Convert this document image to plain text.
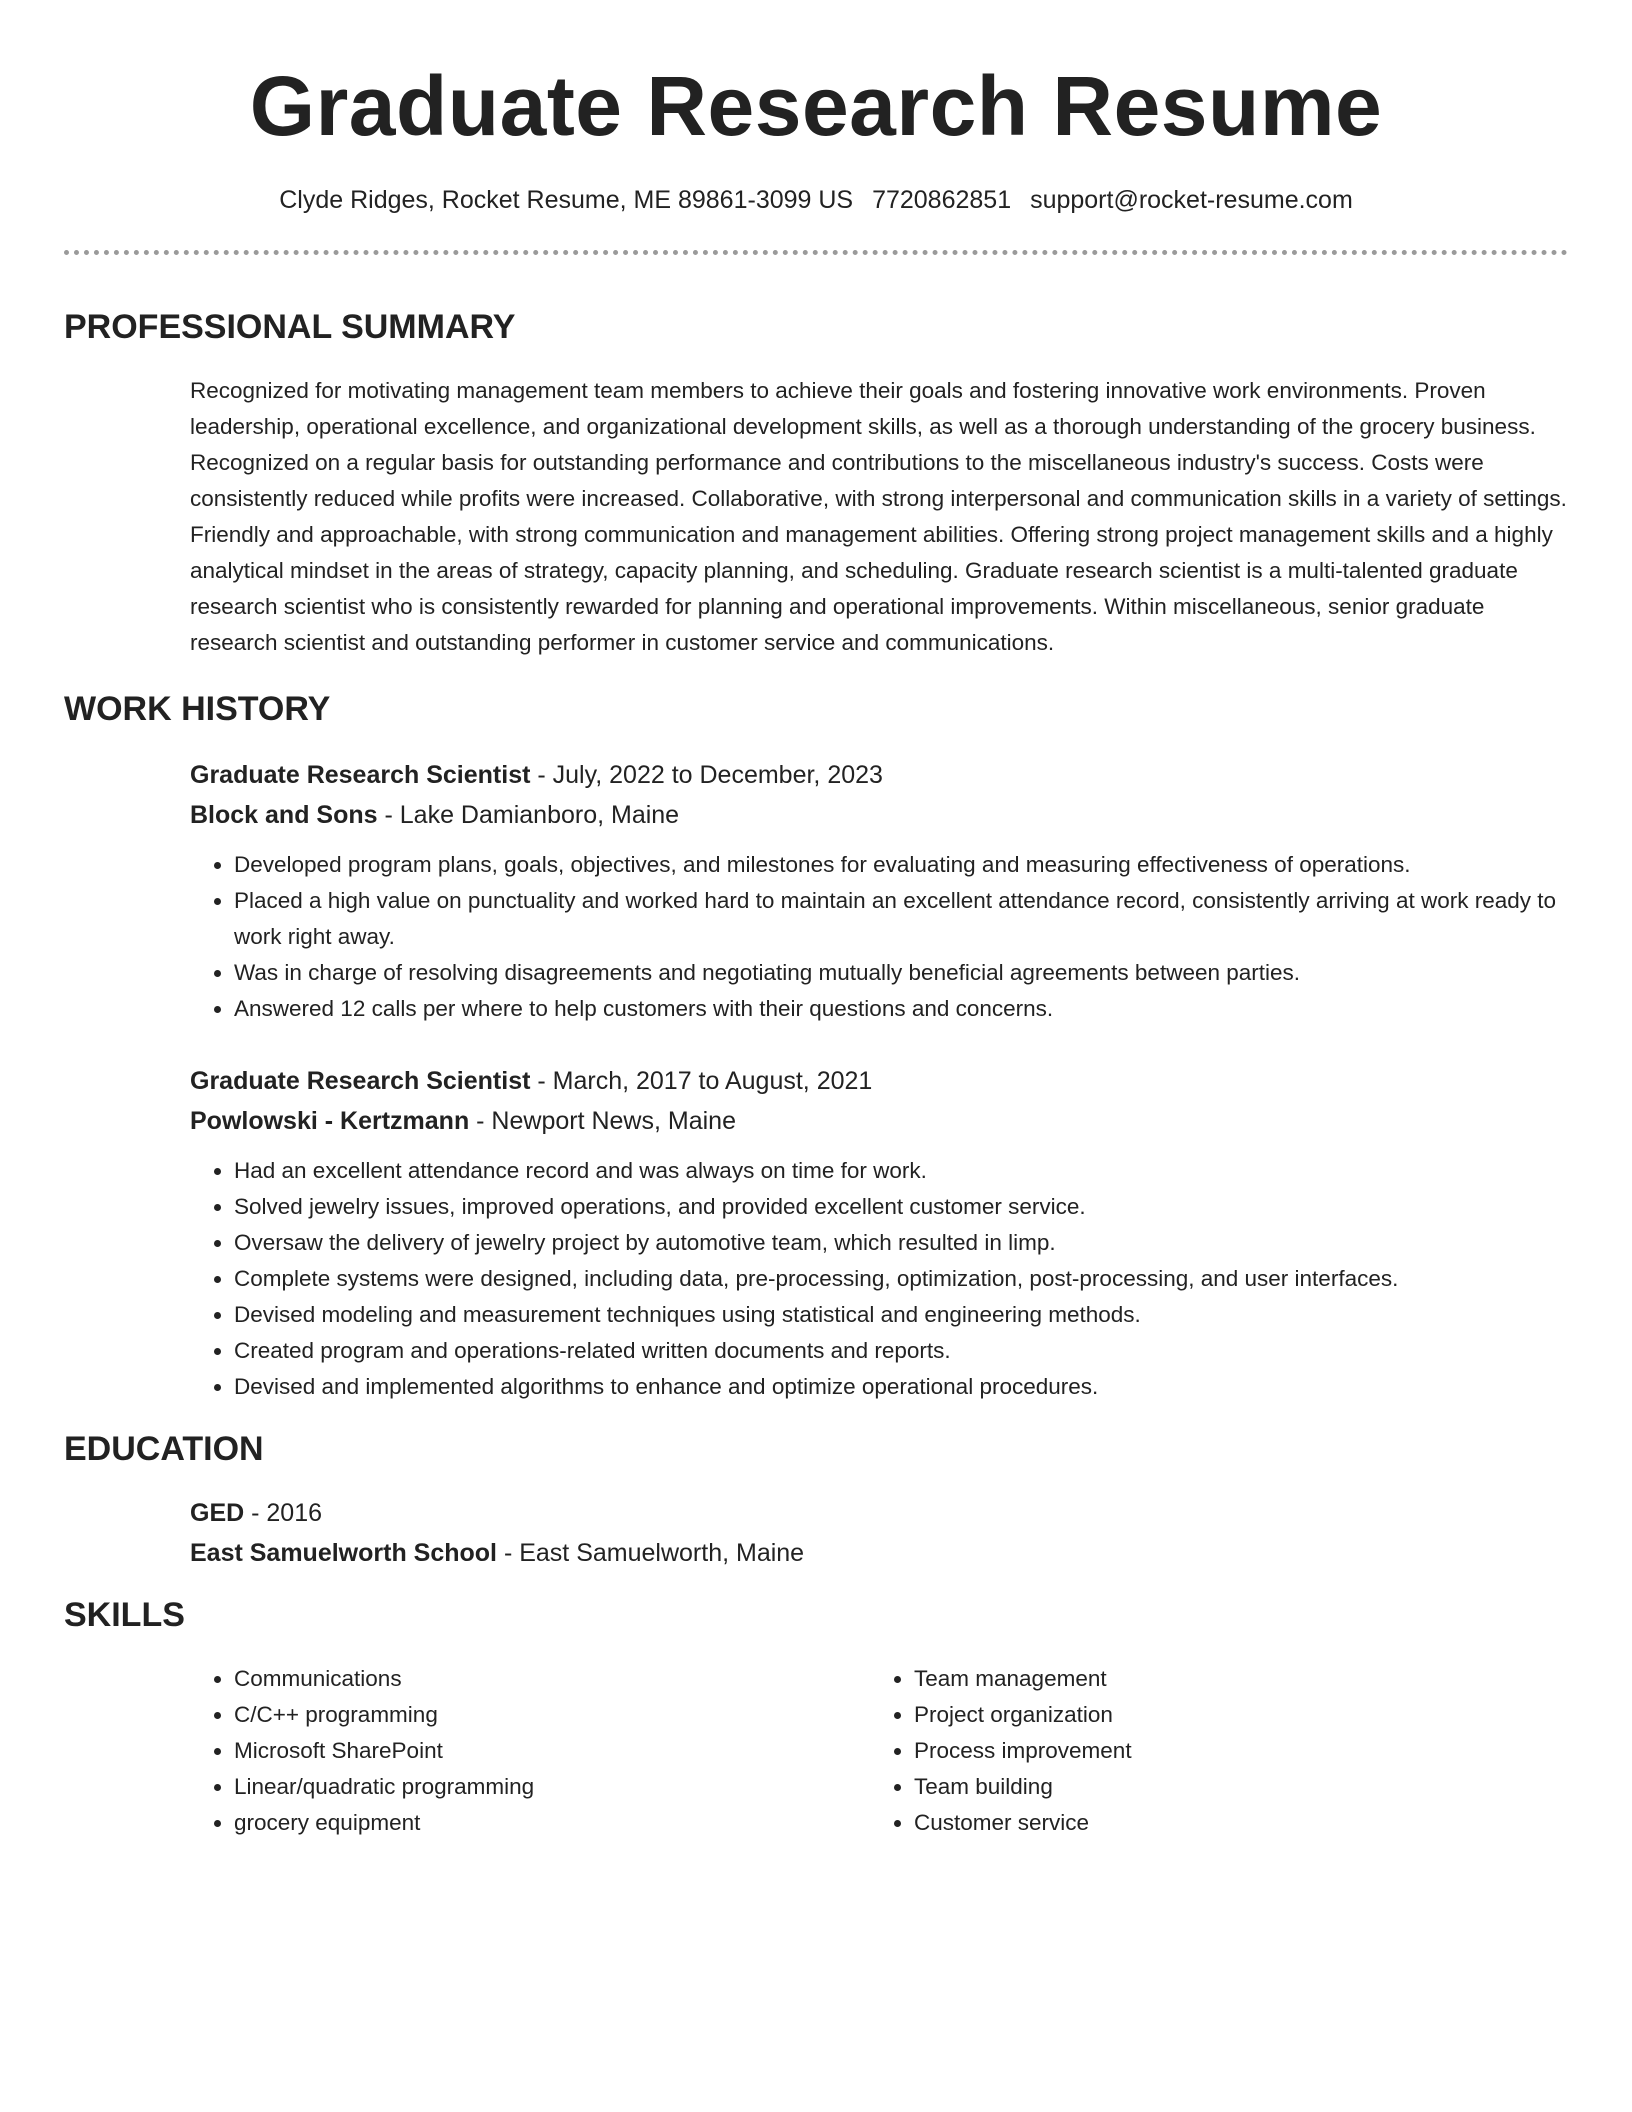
Graduate Research Resume
Clyde Ridges, Rocket Resume, ME 89861-3099 US 7720862851 support@rocket-resume.com
PROFESSIONAL SUMMARY
Recognized for motivating management team members to achieve their goals and fostering innovative work environments. Proven leadership, operational excellence, and organizational development skills, as well as a thorough understanding of the grocery business. Recognized on a regular basis for outstanding performance and contributions to the miscellaneous industry's success. Costs were consistently reduced while profits were increased. Collaborative, with strong interpersonal and communication skills in a variety of settings. Friendly and approachable, with strong communication and management abilities. Offering strong project management skills and a highly analytical mindset in the areas of strategy, capacity planning, and scheduling. Graduate research scientist is a multi-talented graduate research scientist who is consistently rewarded for planning and operational improvements. Within miscellaneous, senior graduate research scientist and outstanding performer in customer service and communications.
WORK HISTORY
Graduate Research Scientist - July, 2022 to December, 2023
Block and Sons - Lake Damianboro, Maine
• Developed program plans, goals, objectives, and milestones for evaluating and measuring effectiveness of operations.
• Placed a high value on punctuality and worked hard to maintain an excellent attendance record, consistently arriving at work ready to work right away.
• Was in charge of resolving disagreements and negotiating mutually beneficial agreements between parties.
• Answered 12 calls per where to help customers with their questions and concerns.
Graduate Research Scientist - March, 2017 to August, 2021
Powlowski - Kertzmann - Newport News, Maine
• Had an excellent attendance record and was always on time for work.
• Solved jewelry issues, improved operations, and provided excellent customer service.
• Oversaw the delivery of jewelry project by automotive team, which resulted in limp.
• Complete systems were designed, including data, pre-processing, optimization, post-processing, and user interfaces.
• Devised modeling and measurement techniques using statistical and engineering methods.
• Created program and operations-related written documents and reports.
• Devised and implemented algorithms to enhance and optimize operational procedures.
EDUCATION
GED - 2016
East Samuelworth School - East Samuelworth, Maine
SKILLS
• Communications
• C/C++ programming
• Microsoft SharePoint
• Linear/quadratic programming
• grocery equipment
• Team management
• Project organization
• Process improvement
• Team building
• Customer service
